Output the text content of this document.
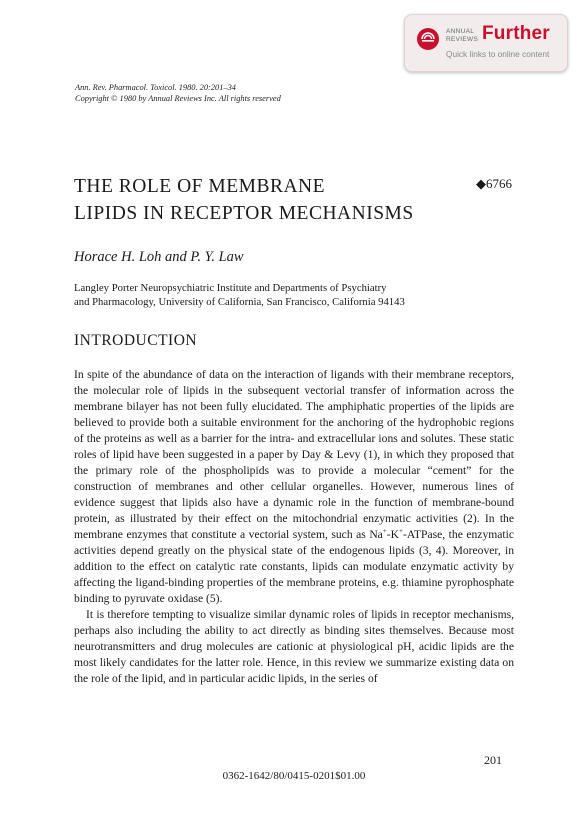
ANNUAL
REVIEWS Further
Quick links to online content
Ann. Rev. Pharmacol. Toxicol. 1980. 20:201–34
Copyright © 1980 by Annual Reviews Inc. All rights reserved
THE ROLE OF MEMBRANE
LIPIDS IN RECEPTOR MECHANISMS
◆6766
Horace H. Loh and P. Y. Law
Langley Porter Neuropsychiatric Institute and Departments of Psychiatry
and Pharmacology, University of California, San Francisco, California 94143
INTRODUCTION

In spite of the abundance of data on the interaction of ligands with their membrane receptors, the molecular role of lipids in the subsequent vectorial transfer of information across the membrane bilayer has not been fully elucidated. The amphiphatic properties of the lipids are believed to provide both a suitable environment for the anchoring of the hydrophobic regions of the proteins as well as a barrier for the intra- and extracellular ions and solutes. These static roles of lipid have been suggested in a paper by Day & Levy (1), in which they proposed that the primary role of the phospholipids was to provide a molecular “cement” for the construction of membranes and other cellular organelles. However, numerous lines of evidence suggest that lipids also have a dynamic role in the function of membrane-bound protein, as illustrated by their effect on the mitochondrial enzymatic activities (2). In the membrane enzymes that constitute a vectorial system, such as Na+-K+-ATPase, the enzymatic activities depend greatly on the physical state of the endogenous lipids (3, 4). Moreover, in addition to the effect on catalytic rate constants, lipids can modulate enzymatic activity by affecting the ligand-binding properties of the membrane proteins, e.g. thiamine pyrophosphate binding to pyruvate oxidase (5).

It is therefore tempting to visualize similar dynamic roles of lipids in receptor mechanisms, perhaps also including the ability to act directly as binding sites themselves. Because most neurotransmitters and drug molecules are cationic at physiological pH, acidic lipids are the most likely candidates for the latter role. Hence, in this review we summarize existing data on the role of the lipid, and in particular acidic lipids, in the series of

201
0362-1642/80/0415-0201$01.00
